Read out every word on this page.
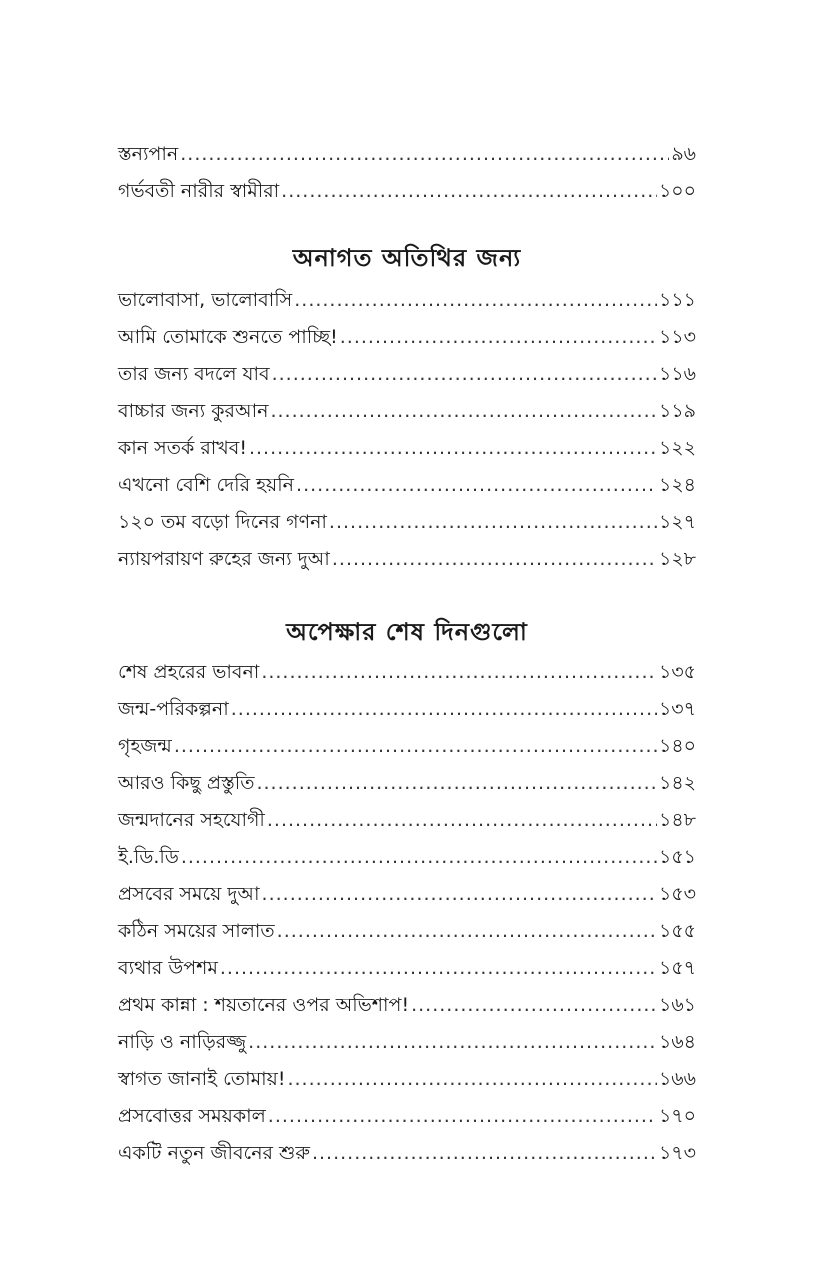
স্তন্যপান .....	৯৬
গর্ভবতী নারীর স্বামীরা .....	১০০
অনাগত অতিথির জন্য
ভালোবাসা, ভালোবাসি .....	১১১
আমি তোমাকে শুনতে পাচ্ছি! .....	১১৩
তার জন্য বদলে যাব .....	১১৬
বাচ্চার জন্য কুরআন .....	১১৯
কান সতর্ক রাখব! .....	১২২
এখনো বেশি দেরি হয়নি .....	১২৪
১২০ তম বড়ো দিনের গণনা .....	১২৭
ন্যায়পরায়ণ রুহের জন্য দুআ .....	১২৮
অপেক্ষার শেষ দিনগুলো
শেষ প্রহরের ভাবনা .....	১৩৫
জন্ম-পরিকল্পনা .....	১৩৭
গৃহজন্ম .....	১৪০
আরও কিছু প্রস্তুতি .....	১৪২
জন্মদানের সহযোগী .....	১৪৮
ই.ডি.ডি .....	১৫১
প্রসবের সময়ে দুআ .....	১৫৩
কঠিন সময়ের সালাত .....	১৫৫
ব্যথার উপশম .....	১৫৭
প্রথম কান্না : শয়তানের ওপর অভিশাপ! .....	১৬১
নাড়ি ও নাড়িরজ্জু .....	১৬৪
স্বাগত জানাই তোমায়! .....	১৬৬
প্রসবোত্তর সময়কাল .....	১৭০
একটি নতুন জীবনের শুরু .....	১৭৩
